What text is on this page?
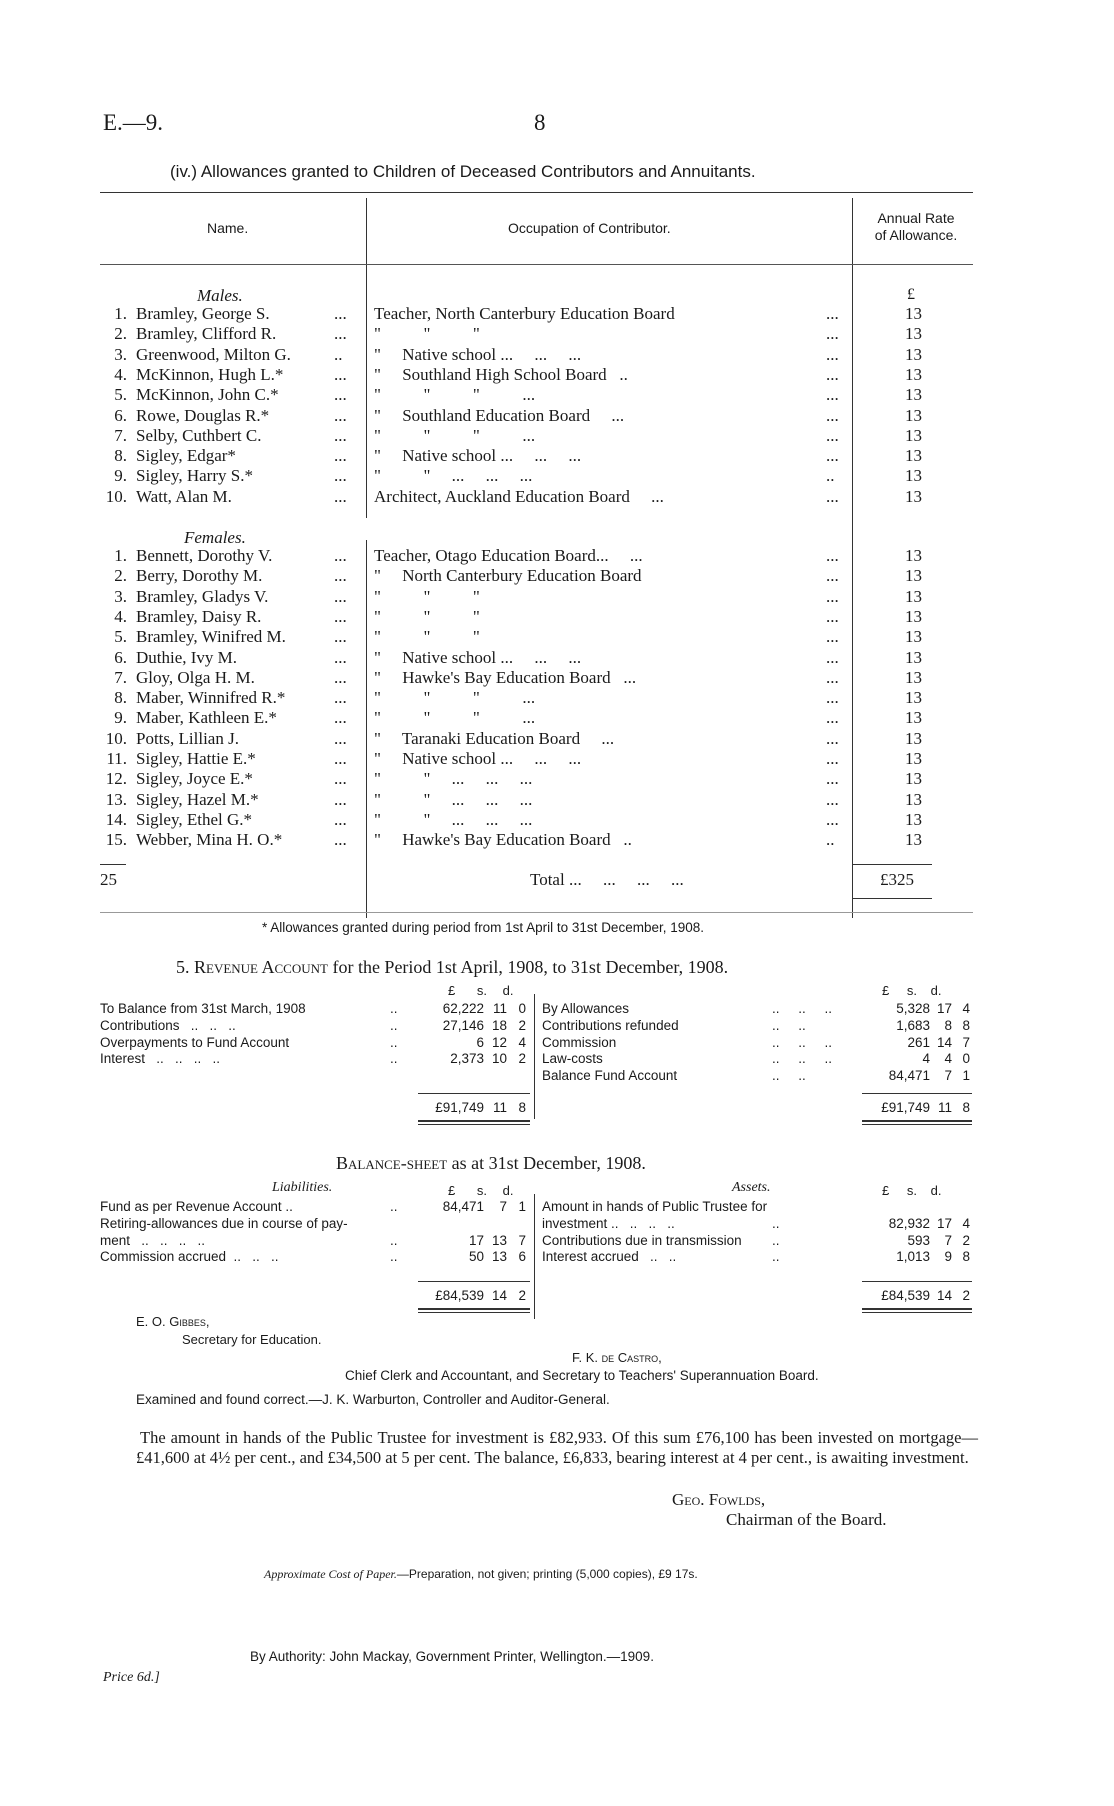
E.—9.	8
(iv.) Allowances granted to Children of Deceased Contributors and Annuitants.
Name.	Occupation of Contributor.
Annual Rate
of Allowance.
Males.	£
1. Bramley, George S.	... Teacher, North Canterbury Education Board	...	13
2. Bramley, Clifford R.	... "          "          "	...	13
3. Greenwood, Milton G.	.. "     Native school ...     ...     ...	...	13
4. McKinnon, Hugh L.*	... "     Southland High School Board   ..	...	13
5. McKinnon, John C.*	... "          "          "          ...	...	13
6. Rowe, Douglas R.*	... "     Southland Education Board     ...	...	13
7. Selby, Cuthbert C.	... "          "          "          ...	...	13
8. Sigley, Edgar*	... "     Native school ...     ...     ...	...	13
9. Sigley, Harry S.*	... "          "     ...     ...     ...	..	13
10. Watt, Alan M.	... Architect, Auckland Education Board     ...	...	13
Females.
1. Bennett, Dorothy V.	... Teacher, Otago Education Board...     ...	...	13
2. Berry, Dorothy M.	... "     North Canterbury Education Board	...	13
3. Bramley, Gladys V.	... "          "          "	...	13
4. Bramley, Daisy R.	... "          "          "	...	13
5. Bramley, Winifred M.	... "          "          "	...	13
6. Duthie, Ivy M.	... "     Native school ...     ...     ...	...	13
7. Gloy, Olga H. M.	... "     Hawke's Bay Education Board   ...	...	13
8. Maber, Winnifred R.*	... "          "          "          ...	...	13
9. Maber, Kathleen E.*	... "          "          "          ...	...	13
10. Potts, Lillian J.	... "     Taranaki Education Board     ...	...	13
11. Sigley, Hattie E.*	... "     Native school ...     ...     ...	...	13
12. Sigley, Joyce E.*	... "          "     ...     ...     ...	...	13
13. Sigley, Hazel M.*	... "          "     ...     ...     ...	...	13
14. Sigley, Ethel G.*	... "          "     ...     ...     ...	...	13
15. Webber, Mina H. O.*	... "     Hawke's Bay Education Board   ..	..	13
25	Total ...     ...     ...     ...	£325
* Allowances granted during period from 1st April to 31st December, 1908.
5. Revenue Account for the Period 1st April, 1908, to 31st December, 1908.
£ s. d.	£ s. d.
To Balance from 31st March, 1908	..	62,222 11 0
Contributions   ..   ..   ..	..	27,146 18 2
Overpayments to Fund Account	..	6 12 4
Interest   ..   ..   ..   ..	..	2,373 10 2
By Allowances	..     ..     ..	5,328 17 4
Contributions refunded	..     ..	1,683 8 8
Commission	..     ..     ..	261 14 7
Law-costs	..     ..     ..	4 4 0
Balance Fund Account	..     ..	84,471 7 1
£91,749 11 8	£91,749 11 8
Balance-sheet as at 31st December, 1908.
Liabilities.	Assets.
£ s. d.	£ s. d.
Fund as per Revenue Account ..	..	84,471 7 1
Retiring-allowances due in course of pay-
ment   ..   ..   ..   ..	..	17 13 7
Commission accrued  ..   ..   ..	..	50 13 6
Amount in hands of Public Trustee for
investment ..   ..   ..   ..	..	82,932 17 4
Contributions due in transmission ..	593 7 2
Interest accrued   ..   ..	..	1,013 9 8
£84,539 14 2	£84,539 14 2
E. O. Gibbes,
Secretary for Education.
F. K. de Castro,
Chief Clerk and Accountant, and Secretary to Teachers' Superannuation Board.
Examined and found correct.—J. K. Warburton, Controller and Auditor-General.
The amount in hands of the Public Trustee for investment is £82,933. Of this sum £76,100 has been invested on mortgage—£41,600 at 4½ per cent., and £34,500 at 5 per cent. The balance, £6,833, bearing interest at 4 per cent., is awaiting investment.
Geo. Fowlds,
Chairman of the Board.
Approximate Cost of Paper.—Preparation, not given; printing (5,000 copies), £9 17s.
By Authority: John Mackay, Government Printer, Wellington.—1909.
Price 6d.]
